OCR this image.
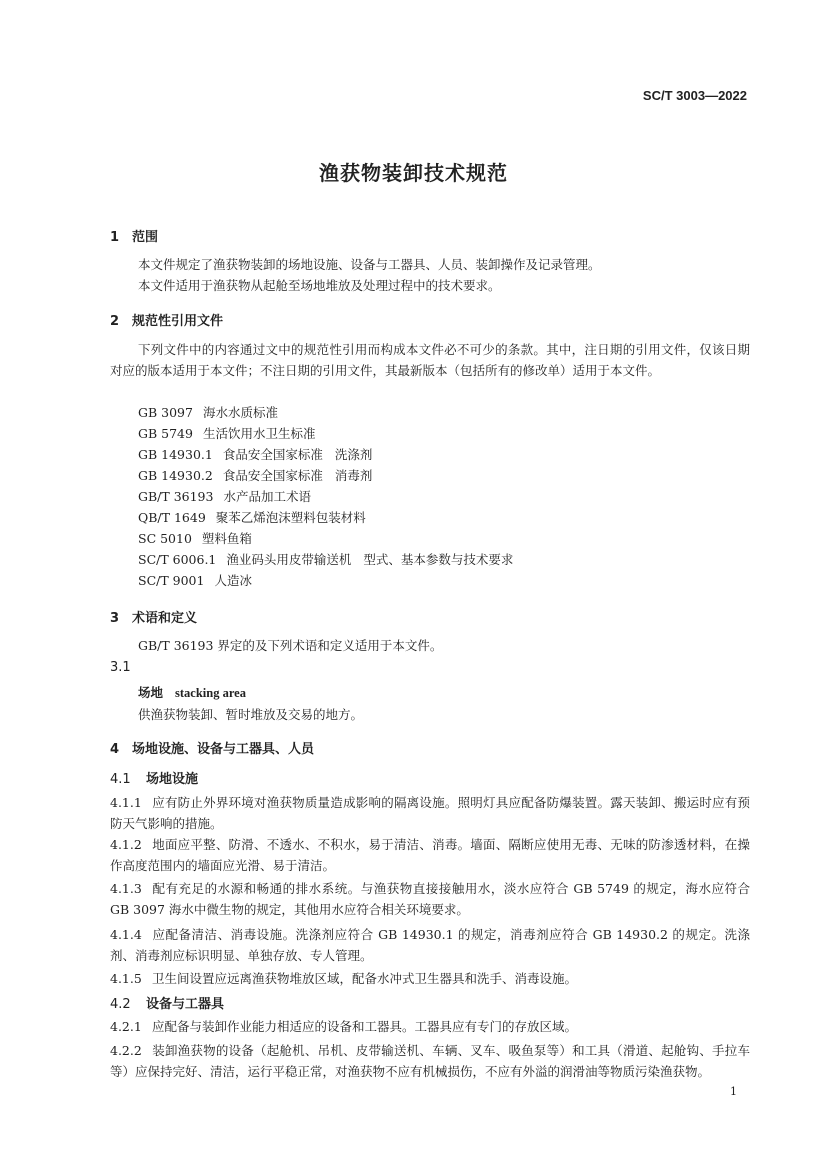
SC/T 3003—2022
渔获物装卸技术规范
1 范围
本文件规定了渔获物装卸的场地设施、设备与工器具、人员、装卸操作及记录管理。
本文件适用于渔获物从起舱至场地堆放及处理过程中的技术要求。
2 规范性引用文件
下列文件中的内容通过文中的规范性引用而构成本文件必不可少的条款。其中，注日期的引用文件，仅该日期对应的版本适用于本文件；不注日期的引用文件，其最新版本（包括所有的修改单）适用于本文件。
GB 3097 海水水质标准
GB 5749 生活饮用水卫生标准
GB 14930.1 食品安全国家标准 洗涤剂
GB 14930.2 食品安全国家标准 消毒剂
GB/T 36193 水产品加工术语
QB/T 1649 聚苯乙烯泡沫塑料包装材料
SC 5010 塑料鱼箱
SC/T 6006.1 渔业码头用皮带输送机 型式、基本参数与技术要求
SC/T 9001 人造冰
3 术语和定义
GB/T 36193 界定的及下列术语和定义适用于本文件。
3.1
场地 stacking area
供渔获物装卸、暂时堆放及交易的地方。
4 场地设施、设备与工器具、人员
4.1 场地设施
4.1.1 应有防止外界环境对渔获物质量造成影响的隔离设施。照明灯具应配备防爆装置。露天装卸、搬运时应有预防天气影响的措施。
4.1.2 地面应平整、防滑、不透水、不积水，易于清洁、消毒。墙面、隔断应使用无毒、无味的防渗透材料，在操作高度范围内的墙面应光滑、易于清洁。
4.1.3 配有充足的水源和畅通的排水系统。与渔获物直接接触用水，淡水应符合 GB 5749 的规定，海水应符合 GB 3097 海水中微生物的规定，其他用水应符合相关环境要求。
4.1.4 应配备清洁、消毒设施。洗涤剂应符合 GB 14930.1 的规定，消毒剂应符合 GB 14930.2 的规定。洗涤剂、消毒剂应标识明显、单独存放、专人管理。
4.1.5 卫生间设置应远离渔获物堆放区域，配备水冲式卫生器具和洗手、消毒设施。
4.2 设备与工器具
4.2.1 应配备与装卸作业能力相适应的设备和工器具。工器具应有专门的存放区域。
4.2.2 装卸渔获物的设备（起舱机、吊机、皮带输送机、车辆、叉车、吸鱼泵等）和工具（滑道、起舱钩、手拉车等）应保持完好、清洁，运行平稳正常，对渔获物不应有机械损伤，不应有外溢的润滑油等物质污染渔获物。
1
